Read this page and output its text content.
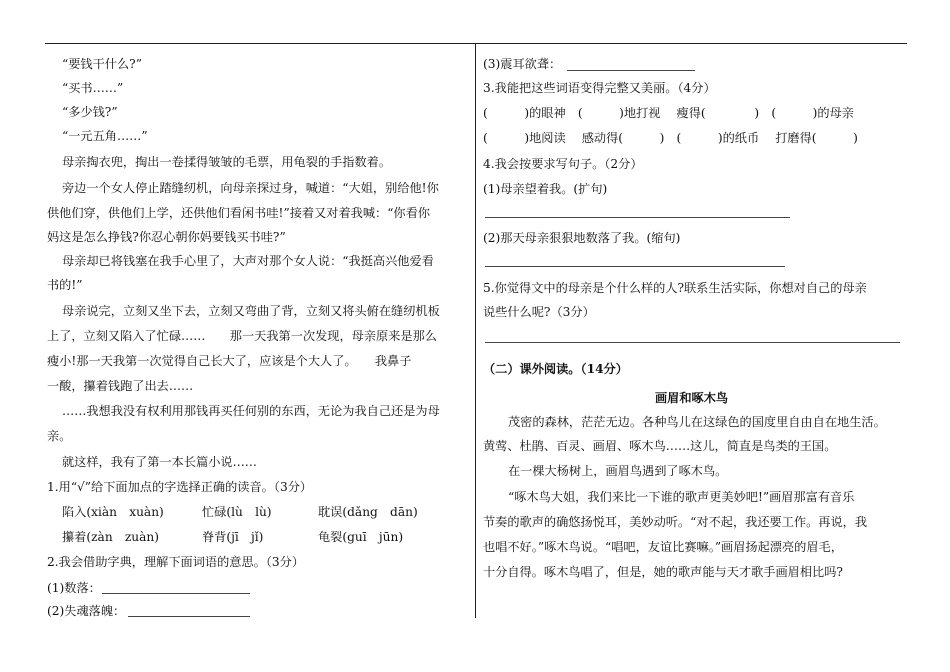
“要钱干什么?”
“买书……”
“多少钱?”
“一元五角……”
母亲掏衣兜，掏出一卷揉得皱皱的毛票，用龟裂的手指数着。
旁边一个女人停止踏缝纫机，向母亲探过身，喊道：“大姐，别给他!你
供他们穿，供他们上学，还供他们看闲书哇!”接着又对着我喊：“你看你
妈这是怎么挣钱?你忍心朝你妈要钱买书哇?”
母亲却已将钱塞在我手心里了，大声对那个女人说：“我挺高兴他爱看
书的!”
母亲说完，立刻又坐下去，立刻又弯曲了背，立刻又将头俯在缝纫机板
上了，立刻又陷入了忙碌……　　那一天我第一次发现，母亲原来是那么
瘦小!那一天我第一次觉得自己长大了，应该是个大人了。　　我鼻子
一酸，攥着钱跑了出去……
……我想我没有权利用那钱再买任何别的东西，无论为我自己还是为母
亲。
就这样，我有了第一本长篇小说……
1.用“√”给下面加点的字选择正确的读音。（3分）
陷入(xiàn　xuàn)	忙碌(lù　lù)	耽误(dǎng　dān)
攥着(zàn　zuàn)	脊背(jī　jǐ)	龟裂(guī　jūn)
2.我会借助字典，理解下面词语的意思。（3分）
(1)数落：
(2)失魂落魄：
(3)震耳欲聋：
3.我能把这些词语变得完整又美丽。（4分）
(　　　)的眼神　(　　　)地打视　 瘦得(　　　　)　(　　　)的母亲
(　　　)地阅读　 感动得(　　　)　(　　　)的纸币　 打磨得(　　　)
4.我会按要求写句子。（2分）
(1)母亲望着我。(扩句)
(2)那天母亲狠狠地数落了我。(缩句)
5.你觉得文中的母亲是个什么样的人?联系生活实际，你想对自己的母亲
说些什么呢?（3分）
（二）课外阅读。（14分）
画眉和啄木鸟
茂密的森林，茫茫无边。各种鸟儿在这绿色的国度里自由自在地生活。
黄莺、杜鹃、百灵、画眉、啄木鸟……这儿，简直是鸟类的王国。
在一棵大杨树上，画眉鸟遇到了啄木鸟。
“啄木鸟大姐，我们来比一下谁的歌声更美妙吧!”画眉那富有音乐
节奏的歌声的确悠扬悦耳，美妙动听。“对不起，我还要工作。再说，我
也唱不好。”啄木鸟说。“唱吧，友谊比赛嘛。”画眉扬起漂亮的眉毛，
十分自得。啄木鸟唱了，但是，她的歌声能与天才歌手画眉相比吗?
